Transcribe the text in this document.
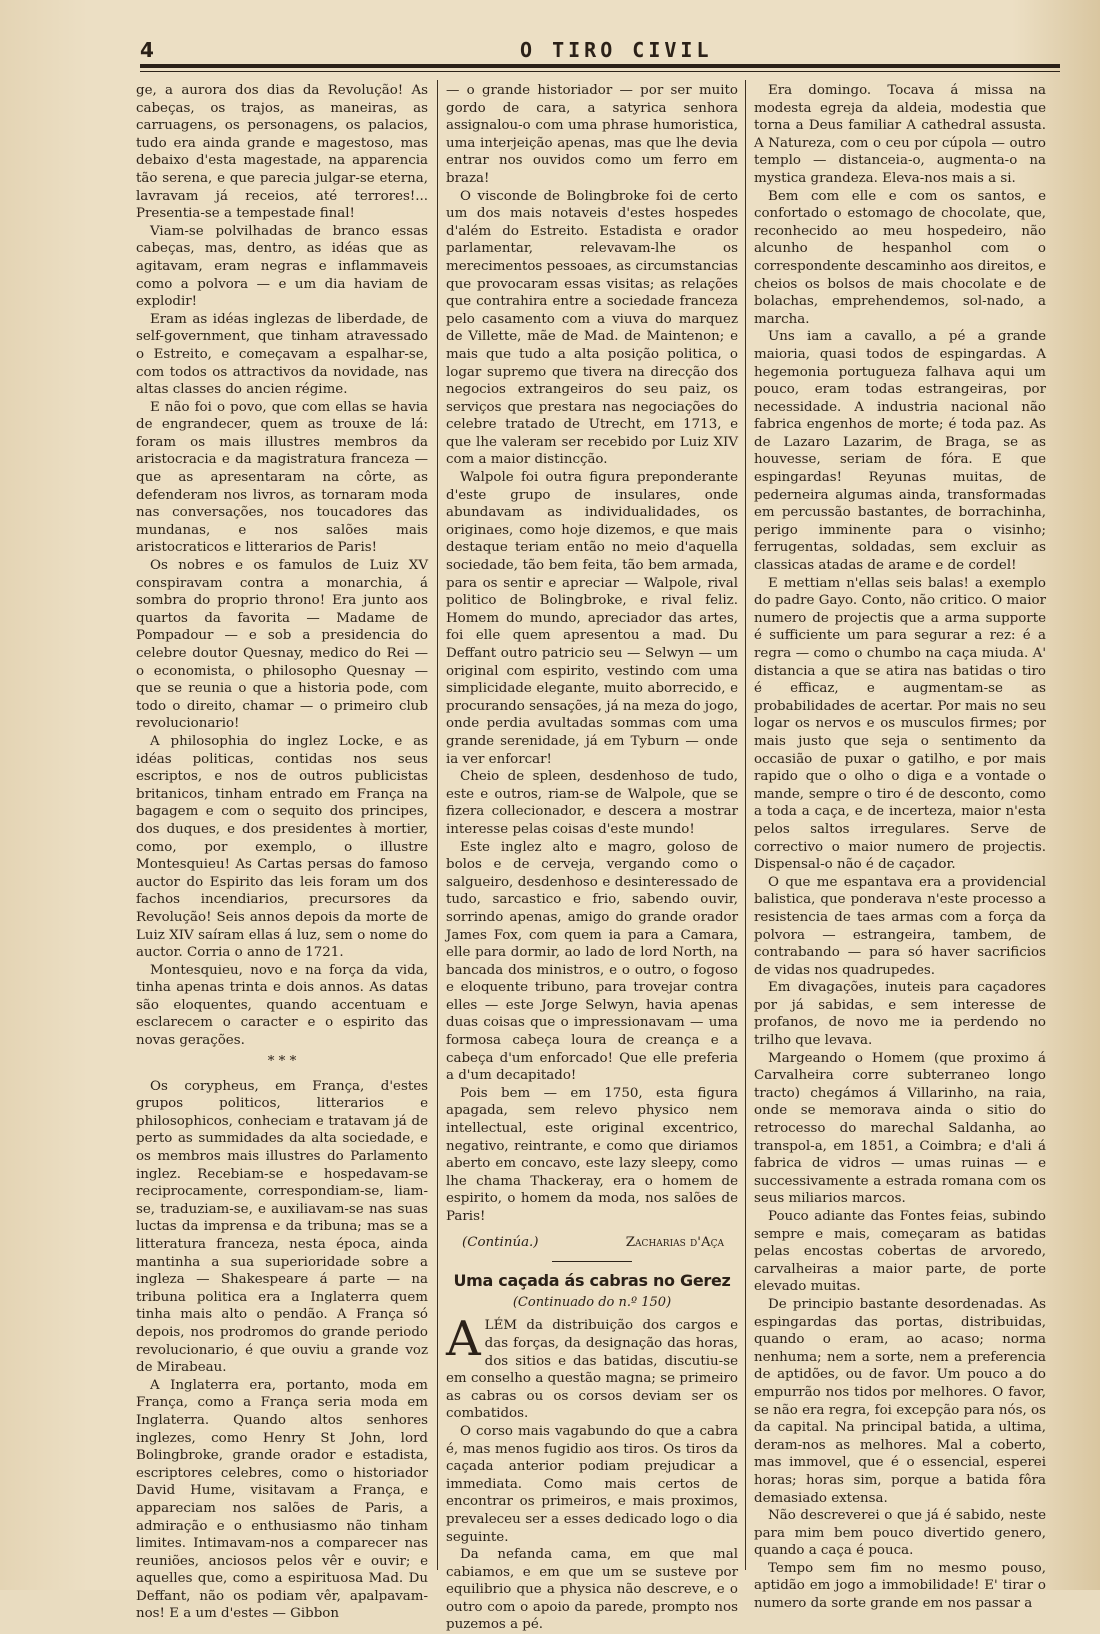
4	O TIRO CIVIL

ge, a aurora dos dias da Revolução! As cabeças, os trajos, as maneiras, as carruagens, os personagens, os palacios, tudo era ainda grande e magestoso, mas debaixo d'esta magestade, na apparencia tão serena, e que parecia julgar-se eterna, lavravam já receios, até terrores!... Presentia-se a tempestade final!

Viam-se polvilhadas de branco essas cabeças, mas, dentro, as idéas que as agitavam, eram negras e inflammaveis como a polvora — e um dia haviam de explodir!

Eram as idéas inglezas de liberdade, de self-government, que tinham atravessado o Estreito, e começavam a espalhar-se, com todos os attractivos da novidade, nas altas classes do ancien régime.

E não foi o povo, que com ellas se havia de engrandecer, quem as trouxe de lá: foram os mais illustres membros da aristocracia e da magistratura franceza — que as apresentaram na côrte, as defenderam nos livros, as tornaram moda nas conversações, nos toucadores das mundanas, e nos salões mais aristocraticos e litterarios de Paris!

Os nobres e os famulos de Luiz XV conspiravam contra a monarchia, á sombra do proprio throno! Era junto aos quartos da favorita — Madame de Pompadour — e sob a presidencia do celebre doutor Quesnay, medico do Rei — o economista, o philosopho Quesnay — que se reunia o que a historia pode, com todo o direito, chamar — o primeiro club revolucionario!

A philosophia do inglez Locke, e as idéas politicas, contidas nos seus escriptos, e nos de outros publicistas britanicos, tinham entrado em França na bagagem e com o sequito dos principes, dos duques, e dos presidentes à mortier, como, por exemplo, o illustre Montesquieu! As Cartas persas do famoso auctor do Espirito das leis foram um dos fachos incendiarios, precursores da Revolução! Seis annos depois da morte de Luiz XIV saíram ellas á luz, sem o nome do auctor. Corria o anno de 1721.

Montesquieu, novo e na força da vida, tinha apenas trinta e dois annos. As datas são eloquentes, quando accentuam e esclarecem o caracter e o espirito das novas gerações.

* * *

Os corypheus, em França, d'estes grupos politicos, litterarios e philosophicos, conheciam e tratavam já de perto as summidades da alta sociedade, e os membros mais illustres do Parlamento inglez. Recebiam-se e hospedavam-se reciprocamente, correspondiam-se, liam-se, traduziam-se, e auxiliavam-se nas suas luctas da imprensa e da tribuna; mas se a litteratura franceza, nesta época, ainda mantinha a sua superioridade sobre a ingleza — Shakespeare á parte — na tribuna politica era a Inglaterra quem tinha mais alto o pendão. A França só depois, nos prodromos do grande periodo revolucionario, é que ouviu a grande voz de Mirabeau.

A Inglaterra era, portanto, moda em França, como a França seria moda em Inglaterra. Quando altos senhores inglezes, como Henry St John, lord Bolingbroke, grande orador e estadista, escriptores celebres, como o historiador David Hume, visitavam a França, e appareciam nos salões de Paris, a admiração e o enthusiasmo não tinham limites. Intimavam-nos a comparecer nas reuniões, anciosos pelos vêr e ouvir; e aquelles que, como a espirituosa Mad. Du Deffant, não os podiam vêr, apalpavam-nos! E a um d'estes — Gibbon

— o grande historiador — por ser muito gordo de cara, a satyrica senhora assignalou-o com uma phrase humoristica, uma interjeição apenas, mas que lhe devia entrar nos ouvidos como um ferro em braza!

O visconde de Bolingbroke foi de certo um dos mais notaveis d'estes hospedes d'além do Estreito. Estadista e orador parlamentar, relevavam-lhe os merecimentos pessoaes, as circumstancias que provocaram essas visitas; as relações que contrahira entre a sociedade franceza pelo casamento com a viuva do marquez de Villette, mãe de Mad. de Maintenon; e mais que tudo a alta posição politica, o logar supremo que tivera na direcção dos negocios extrangeiros do seu paiz, os serviços que prestara nas negociações do celebre tratado de Utrecht, em 1713, e que lhe valeram ser recebido por Luiz XIV com a maior distincção.

Walpole foi outra figura preponderante d'este grupo de insulares, onde abundavam as individualidades, os originaes, como hoje dizemos, e que mais destaque teriam então no meio d'aquella sociedade, tão bem feita, tão bem armada, para os sentir e apreciar — Walpole, rival politico de Bolingbroke, e rival feliz. Homem do mundo, apreciador das artes, foi elle quem apresentou a mad. Du Deffant outro patricio seu — Selwyn — um original com espirito, vestindo com uma simplicidade elegante, muito aborrecido, e procurando sensações, já na meza do jogo, onde perdia avultadas sommas com uma grande serenidade, já em Tyburn — onde ia ver enforcar!

Cheio de spleen, desdenhoso de tudo, este e outros, riam-se de Walpole, que se fizera collecionador, e descera a mostrar interesse pelas coisas d'este mundo!

Este inglez alto e magro, goloso de bolos e de cerveja, vergando como o salgueiro, desdenhoso e desinteressado de tudo, sarcastico e frio, sabendo ouvir, sorrindo apenas, amigo do grande orador James Fox, com quem ia para a Camara, elle para dormir, ao lado de lord North, na bancada dos ministros, e o outro, o fogoso e eloquente tribuno, para trovejar contra elles — este Jorge Selwyn, havia apenas duas coisas que o impressionavam — uma formosa cabeça loura de creança e a cabeça d'um enforcado! Que elle preferia a d'um decapitado!

Pois bem — em 1750, esta figura apagada, sem relevo physico nem intellectual, este original excentrico, negativo, reintrante, e como que diriamos aberto em concavo, este lazy sleepy, como lhe chama Thackeray, era o homem de espirito, o homem da moda, nos salões de Paris!

(Continúa.)	Zacharias d'Aça
Uma caçada ás cabras no Gerez
(Continuado do n.º 150)

ALÉM da distribuição dos cargos e das forças, da designação das horas, dos sitios e das batidas, discutiu-se em conselho a questão magna; se primeiro as cabras ou os corsos deviam ser os combatidos.

O corso mais vagabundo do que a cabra é, mas menos fugidio aos tiros. Os tiros da caçada anterior podiam prejudicar a immediata. Como mais certos de encontrar os primeiros, e mais proximos, prevaleceu ser a esses dedicado logo o dia seguinte.

Da nefanda cama, em que mal cabiamos, e em que um se susteve por equilibrio que a physica não descreve, e o outro com o apoio da parede, prompto nos puzemos a pé.

Era domingo. Tocava á missa na modesta egreja da aldeia, modestia que torna a Deus familiar A cathedral assusta. A Natureza, com o ceu por cúpola — outro templo — distanceia-o, augmenta-o na mystica grandeza. Eleva-nos mais a si.

Bem com elle e com os santos, e confortado o estomago de chocolate, que, reconhecido ao meu hospedeiro, não alcunho de hespanhol com o correspondente descaminho aos direitos, e cheios os bolsos de mais chocolate e de bolachas, emprehendemos, sol-nado, a marcha.

Uns iam a cavallo, a pé a grande maioria, quasi todos de espingardas. A hegemonia portugueza falhava aqui um pouco, eram todas estrangeiras, por necessidade. A industria nacional não fabrica engenhos de morte; é toda paz. As de Lazaro Lazarim, de Braga, se as houvesse, seriam de fóra. E que espingardas! Reyunas muitas, de pederneira algumas ainda, transformadas em percussão bastantes, de borrachinha, perigo imminente para o visinho; ferrugentas, soldadas, sem excluir as classicas atadas de arame e de cordel!

E mettiam n'ellas seis balas! a exemplo do padre Gayo. Conto, não critico. O maior numero de projectis que a arma supporte é sufficiente um para segurar a rez: é a regra — como o chumbo na caça miuda. A' distancia a que se atira nas batidas o tiro é efficaz, e augmentam-se as probabilidades de acertar. Por mais no seu logar os nervos e os musculos firmes; por mais justo que seja o sentimento da occasião de puxar o gatilho, e por mais rapido que o olho o diga e a vontade o mande, sempre o tiro é de desconto, como a toda a caça, e de incerteza, maior n'esta pelos saltos irregulares. Serve de correctivo o maior numero de projectis. Dispensal-o não é de caçador.

O que me espantava era a providencial balistica, que ponderava n'este processo a resistencia de taes armas com a força da polvora — estrangeira, tambem, de contrabando — para só haver sacrificios de vidas nos quadrupedes.

Em divagações, inuteis para caçadores por já sabidas, e sem interesse de profanos, de novo me ia perdendo no trilho que levava.

Margeando o Homem (que proximo á Carvalheira corre subterraneo longo tracto) chegámos á Villarinho, na raia, onde se memorava ainda o sitio do retrocesso do marechal Saldanha, ao transpol-a, em 1851, a Coimbra; e d'ali á fabrica de vidros — umas ruinas — e successivamente a estrada romana com os seus miliarios marcos.

Pouco adiante das Fontes feias, subindo sempre e mais, começaram as batidas pelas encostas cobertas de arvoredo, carvalheiras a maior parte, de porte elevado muitas.

De principio bastante desordenadas. As espingardas das portas, distribuidas, quando o eram, ao acaso; norma nenhuma; nem a sorte, nem a preferencia de aptidões, ou de favor. Um pouco a do empurrão nos tidos por melhores. O favor, se não era regra, foi excepção para nós, os da capital. Na principal batida, a ultima, deram-nos as melhores. Mal a coberto, mas immovel, que é o essencial, esperei horas; horas sim, porque a batida fôra demasiado extensa.

Não descreverei o que já é sabido, neste para mim bem pouco divertido genero, quando a caça é pouca.

Tempo sem fim no mesmo pouso, aptidão em jogo a immobilidade! E' tirar o numero da sorte grande em nos passar a
